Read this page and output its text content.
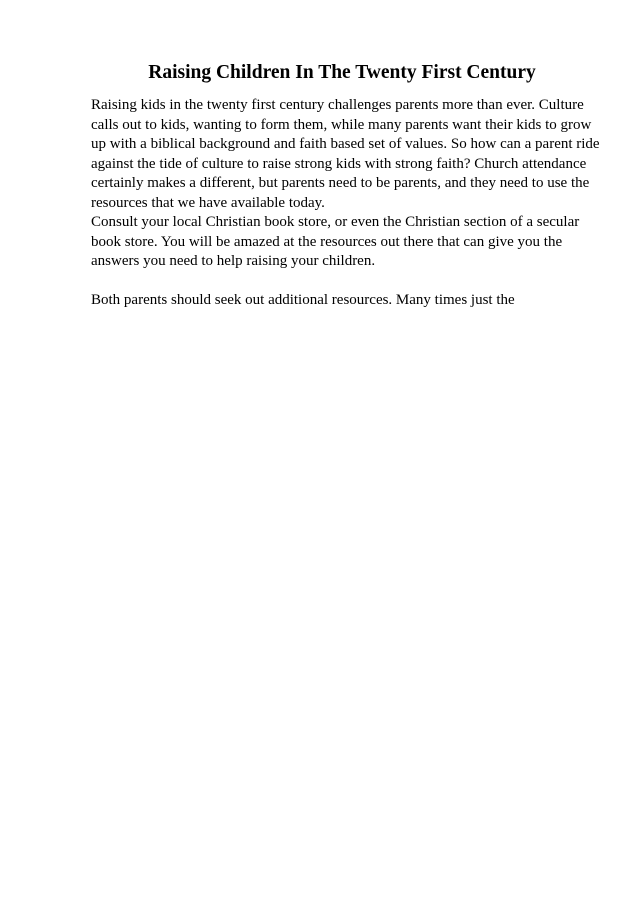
Raising Children In The Twenty First Century

Raising kids in the twenty first century challenges parents more than ever. Culture
calls out to kids, wanting to form them, while many parents want their kids to grow
up with a biblical background and faith based set of values. So how can a parent ride
against the tide of culture to raise strong kids with strong faith? Church attendance
certainly makes a different, but parents need to be parents, and they need to use the
resources that we have available today.

Consult your local Christian book store, or even the Christian section of a secular
book store. You will be amazed at the resources out there that can give you the
answers you need to help raising your children.

Both parents should seek out additional resources. Many times just the
